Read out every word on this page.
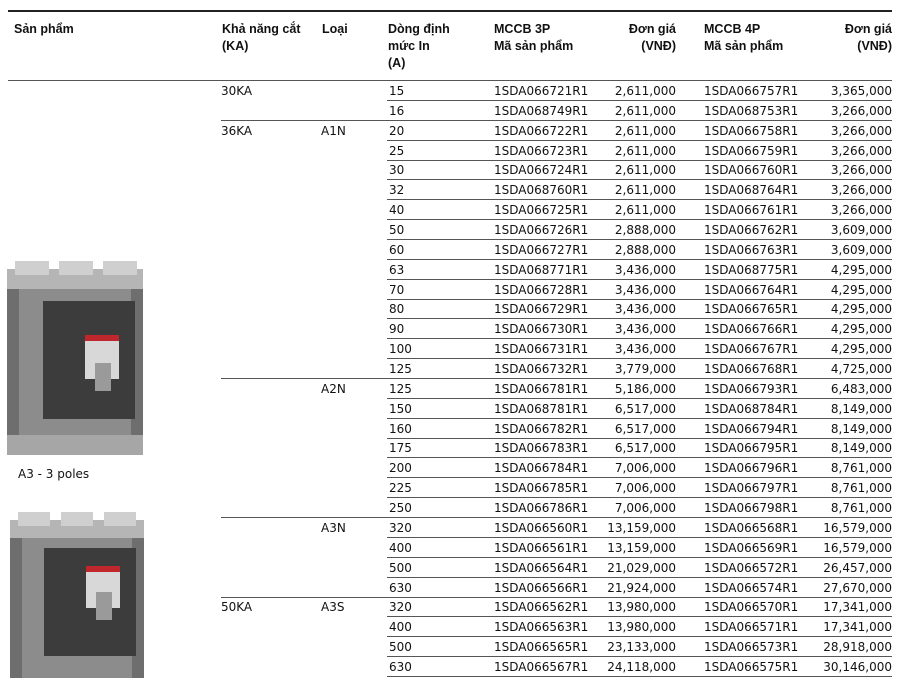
Sản phẩm	Khả năng cắt
(KA)
Loại	Dòng định
mức In
(A)
MCCB 3P
Mã sản phẩm
Đơn giá
(VNĐ)
MCCB 4P
Mã sản phẩm
Đơn giá
(VNĐ)
A3 - 3 poles
30KA	15	1SDA066721R1	2,611,000 1SDA066757R1	3,365,000
16	1SDA068749R1	2,611,000 1SDA068753R1	3,266,000
36KA	A1N	20	1SDA066722R1	2,611,000 1SDA066758R1	3,266,000
25	1SDA066723R1	2,611,000 1SDA066759R1	3,266,000
30	1SDA066724R1	2,611,000 1SDA066760R1	3,266,000
32	1SDA068760R1	2,611,000 1SDA068764R1	3,266,000
40	1SDA066725R1	2,611,000 1SDA066761R1	3,266,000
50	1SDA066726R1	2,888,000 1SDA066762R1	3,609,000
60	1SDA066727R1	2,888,000 1SDA066763R1	3,609,000
63	1SDA068771R1	3,436,000 1SDA068775R1	4,295,000
70	1SDA066728R1	3,436,000 1SDA066764R1	4,295,000
80	1SDA066729R1	3,436,000 1SDA066765R1	4,295,000
90	1SDA066730R1	3,436,000 1SDA066766R1	4,295,000
100	1SDA066731R1	3,436,000 1SDA066767R1	4,295,000
125	1SDA066732R1	3,779,000 1SDA066768R1	4,725,000
A2N	125	1SDA066781R1	5,186,000 1SDA066793R1	6,483,000
150	1SDA068781R1	6,517,000 1SDA068784R1	8,149,000
160	1SDA066782R1	6,517,000 1SDA066794R1	8,149,000
175	1SDA066783R1	6,517,000 1SDA066795R1	8,149,000
200	1SDA066784R1	7,006,000 1SDA066796R1	8,761,000
225	1SDA066785R1	7,006,000 1SDA066797R1	8,761,000
250	1SDA066786R1	7,006,000 1SDA066798R1	8,761,000
A3N	320	1SDA066560R1	13,159,000 1SDA066568R1	16,579,000
400	1SDA066561R1	13,159,000 1SDA066569R1	16,579,000
500	1SDA066564R1	21,029,000 1SDA066572R1	26,457,000
630	1SDA066566R1	21,924,000 1SDA066574R1	27,670,000
50KA	A3S	320	1SDA066562R1	13,980,000 1SDA066570R1	17,341,000
400	1SDA066563R1	13,980,000 1SDA066571R1	17,341,000
500	1SDA066565R1	23,133,000 1SDA066573R1	28,918,000
630	1SDA066567R1	24,118,000 1SDA066575R1	30,146,000
